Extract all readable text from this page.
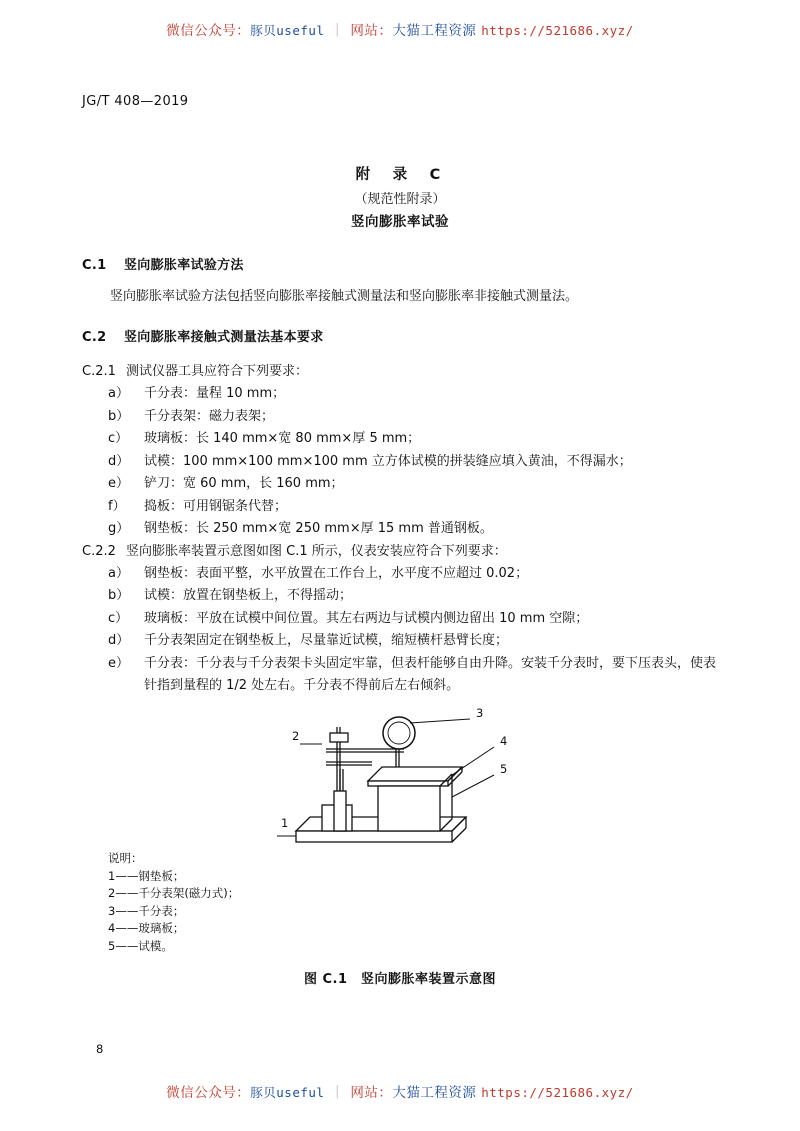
微信公众号：豚贝useful ｜ 网站：大猫工程资源 https://521686.xyz/
JG/T 408—2019
附　录　C
（规范性附录）
竖向膨胀率试验
C.1 竖向膨胀率试验方法

竖向膨胀率试验方法包括竖向膨胀率接触式测量法和竖向膨胀率非接触式测量法。

C.2 竖向膨胀率接触式测量法基本要求
C.2.1 测试仪器工具应符合下列要求：
a）	千分表：量程 10 mm；
b）	千分表架：磁力表架；
c）	玻璃板：长 140 mm×宽 80 mm×厚 5 mm；
d）	试模：100 mm×100 mm×100 mm 立方体试模的拼装缝应填入黄油，不得漏水；
e）	铲刀：宽 60 mm，长 160 mm；
f）	捣板：可用钢锯条代替；
g）	钢垫板：长 250 mm×宽 250 mm×厚 15 mm 普通钢板。
C.2.2 竖向膨胀率装置示意图如图 C.1 所示，仪表安装应符合下列要求：
a）	钢垫板：表面平整，水平放置在工作台上，水平度不应超过 0.02；
b）	试模：放置在钢垫板上，不得摇动；
c）	玻璃板：平放在试模中间位置。其左右两边与试模内侧边留出 10 mm 空隙；
d）	千分表架固定在钢垫板上，尽量靠近试模，缩短横杆悬臂长度；
e）	千分表：千分表与千分表架卡头固定牢靠，但表杆能够自由升降。安装千分表时，要下压表头，使表针指到量程的 1/2 处左右。千分表不得前后左右倾斜。
1
2
3
4
5
说明：
1——钢垫板；
2——千分表架(磁力式)；
3——千分表；
4——玻璃板；
5——试模。
图 C.1　竖向膨胀率装置示意图
8
微信公众号：豚贝useful ｜ 网站：大猫工程资源 https://521686.xyz/
